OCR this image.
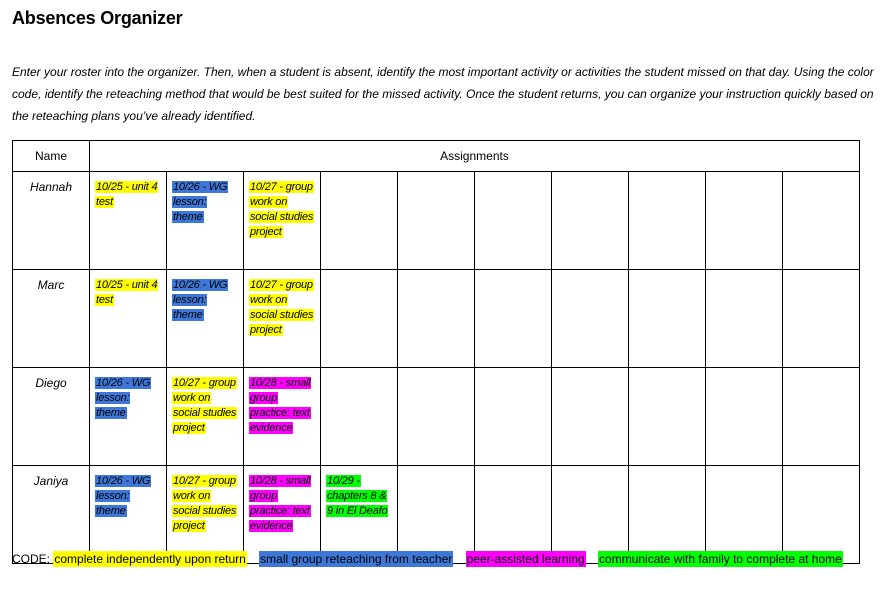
Absences Organizer
Enter your roster into the organizer. Then, when a student is absent, identify the most important activity or activities the student missed on that day. Using the color code, identify the reteaching method that would be best suited for the missed activity. Once the student returns, you can organize your instruction quickly based on the reteaching plans you’ve already identified.
Name	Assignments									
Hannah	10/25 - unit 4 test	10/26 - WG lesson: theme	10/27 - group work on social studies project							

Marc	10/25 - unit 4 test	10/26 - WG lesson: theme	10/27 - group work on social studies project							

Diego	10/26 - WG lesson: theme	10/27 - group work on social studies project	10/28 - small group practice: text evidence							

Janiya	10/26 - WG lesson: theme	10/27 - group work on social studies project	10/28 - small group practice: text evidence	10/29 - chapters 8 & 9 in El Deafo						

CODE: complete independently upon return small group reteaching from teacher peer-assisted learning communicate with family to complete at home
